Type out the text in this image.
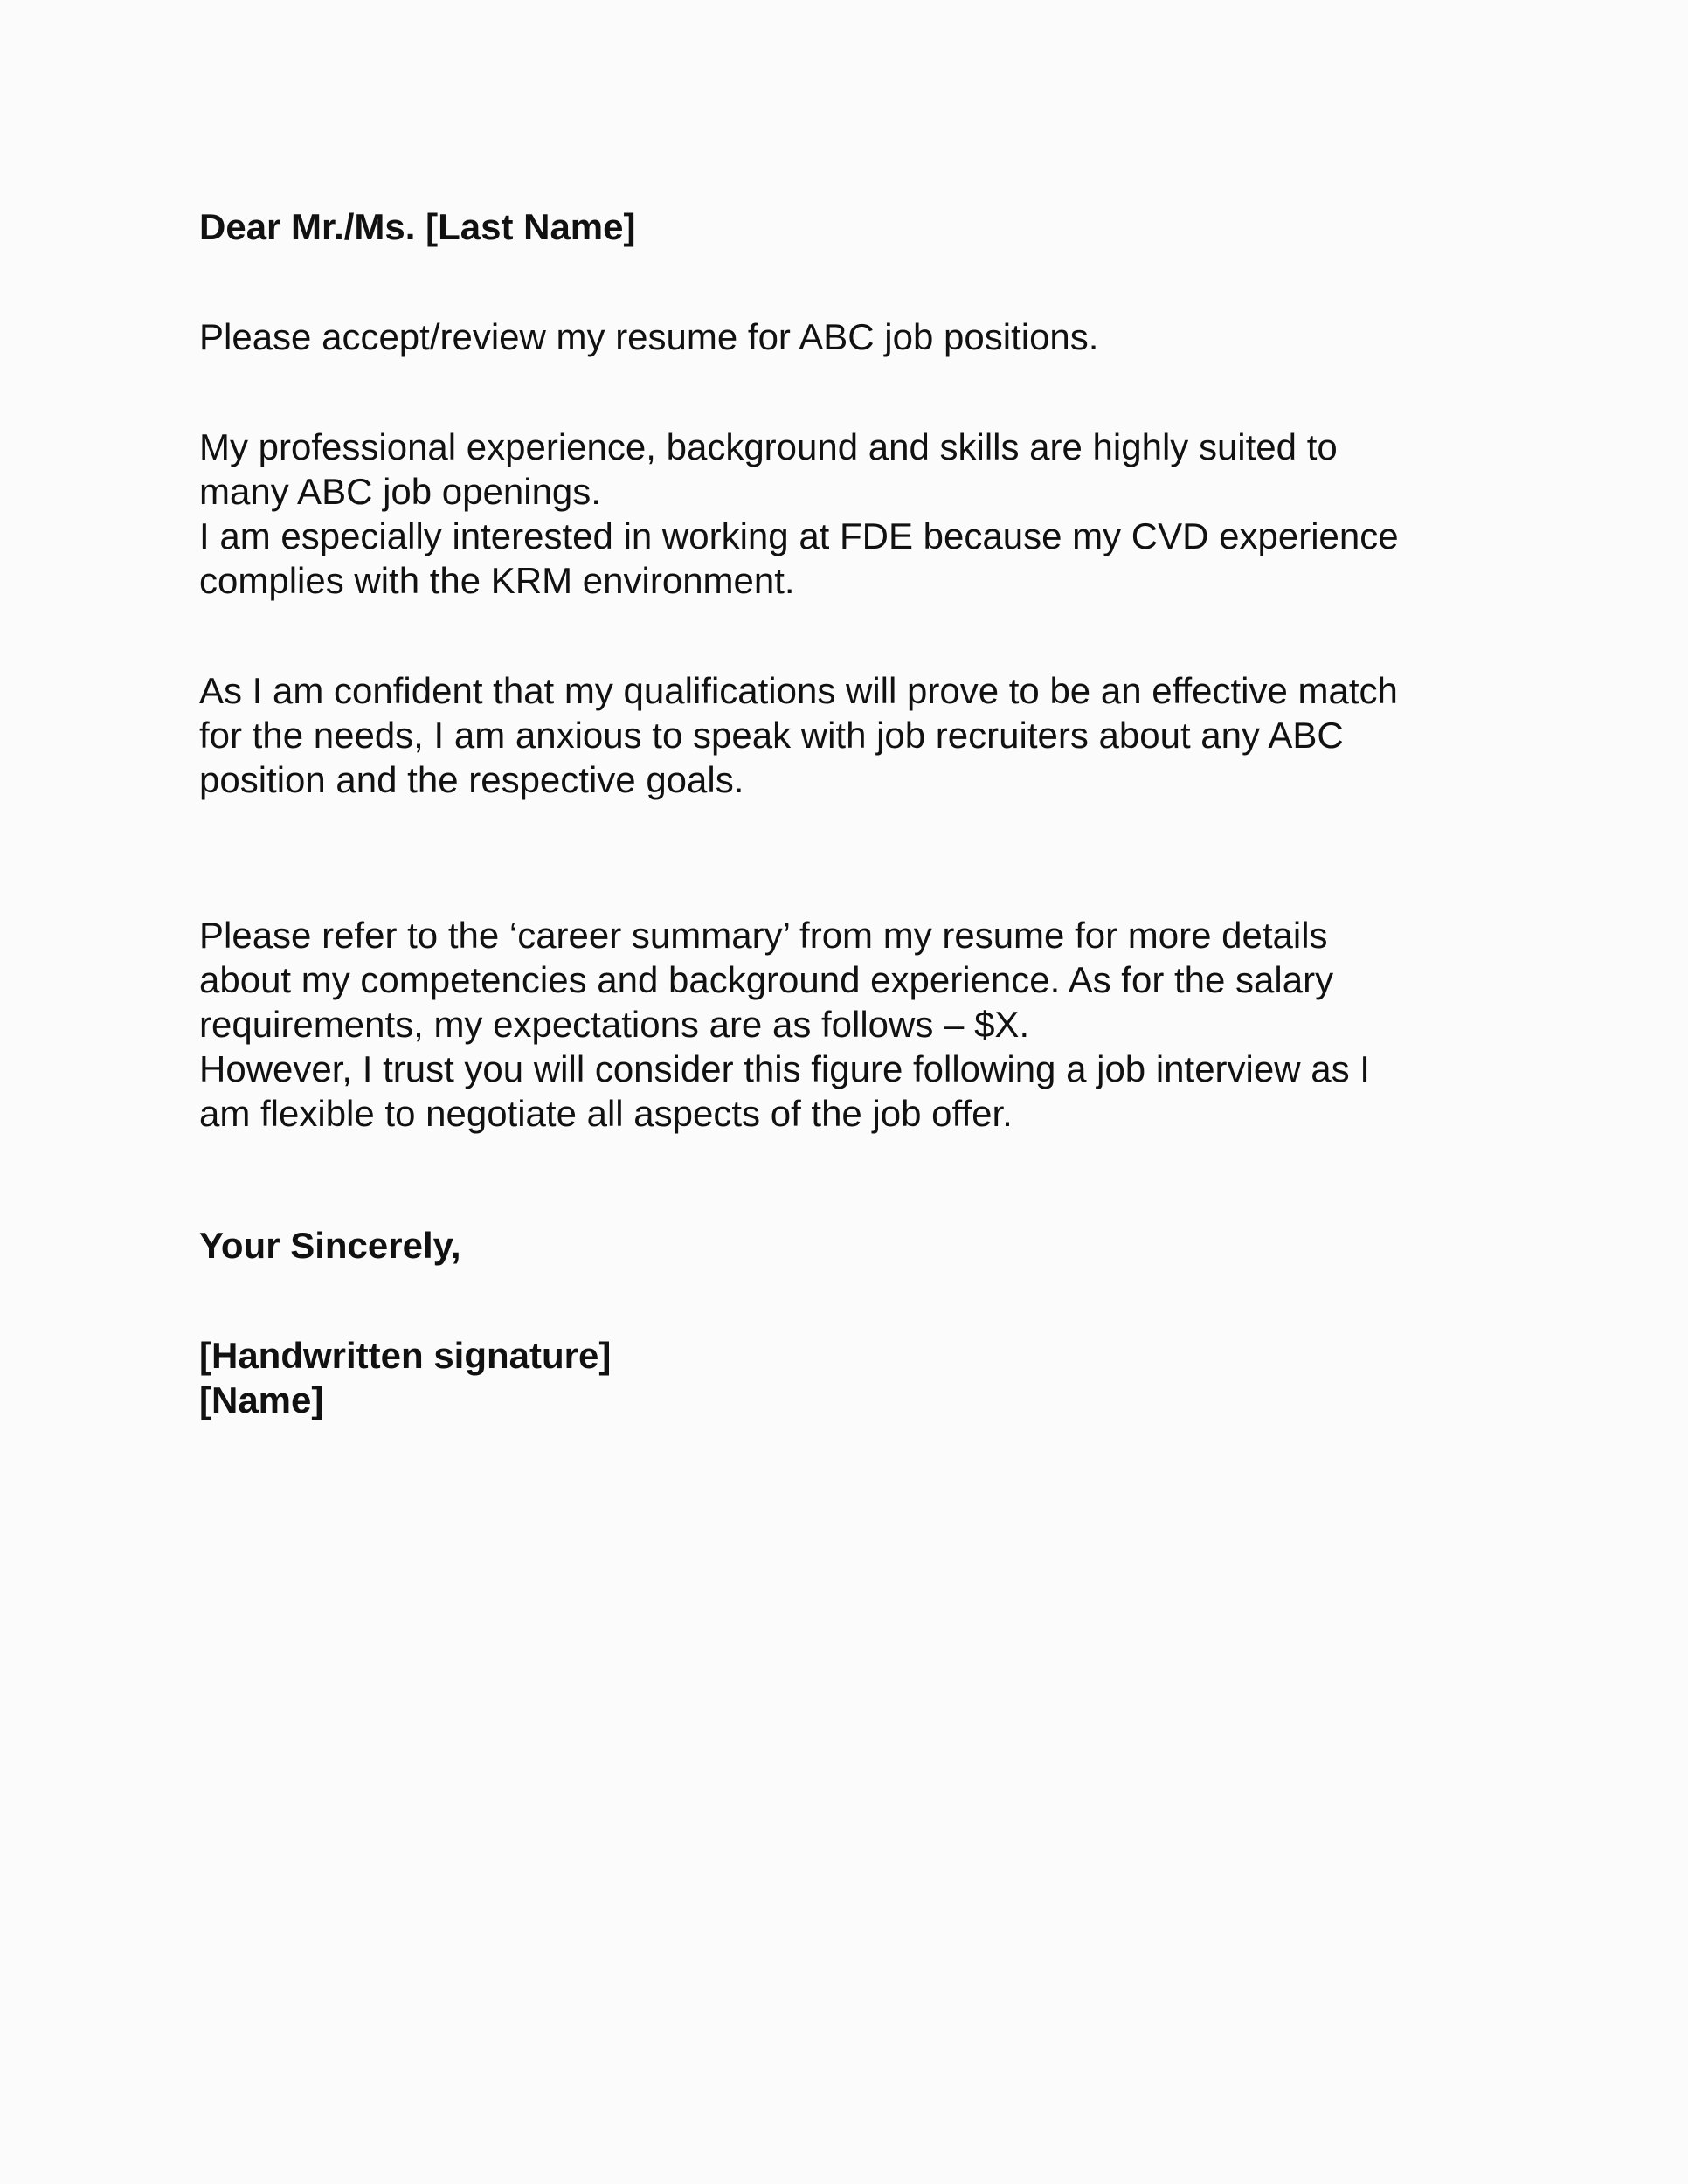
Dear Mr./Ms. [Last Name]

Please accept/review my resume for ABC job positions.

My professional experience, background and skills are highly suited to
many ABC job openings.
I am especially interested in working at FDE because my CVD experience
complies with the KRM environment.

As I am confident that my qualifications will prove to be an effective match
for the needs, I am anxious to speak with job recruiters about any ABC
position and the respective goals.

Please refer to the ‘career summary’ from my resume for more details
about my competencies and background experience. As for the salary
requirements, my expectations are as follows – $X.
However, I trust you will consider this figure following a job interview as I
am flexible to negotiate all aspects of the job offer.

Your Sincerely,

[Handwritten signature]
[Name]
